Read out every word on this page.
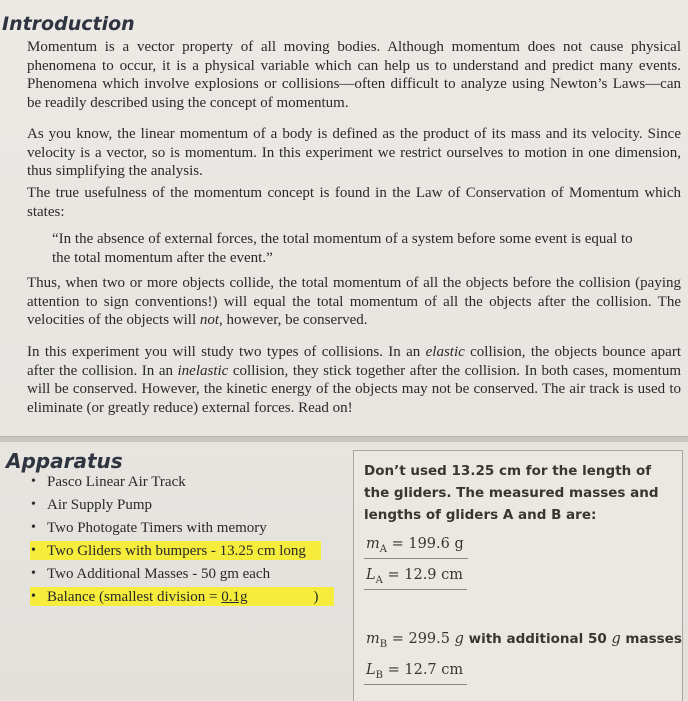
Introduction

Momentum is a vector property of all moving bodies. Although momentum does not cause physical phenomena to occur, it is a physical variable which can help us to understand and predict many events. Phenomena which involve explosions or collisions—often difficult to analyze using Newton’s Laws—can be readily described using the concept of momentum.

As you know, the linear momentum of a body is defined as the product of its mass and its velocity. Since velocity is a vector, so is momentum. In this experiment we restrict ourselves to motion in one dimension, thus simplifying the analysis.

The true usefulness of the momentum concept is found in the Law of Conservation of Momentum which states:

“In the absence of external forces, the total momentum of a system before some event is equal to the total momentum after the event.”

Thus, when two or more objects collide, the total momentum of all the objects before the collision (paying attention to sign conventions!) will equal the total momentum of all the objects after the collision. The velocities of the objects will not, however, be conserved.

In this experiment you will study two types of collisions. In an elastic collision, the objects bounce apart after the collision. In an inelastic collision, they stick together after the collision. In both cases, momentum will be conserved. However, the kinetic energy of the objects may not be conserved. The air track is used to eliminate (or greatly reduce) external forces. Read on!

Apparatus
• Pasco Linear Air Track
• Air Supply Pump
• Two Photogate Timers with memory
• Two Gliders with bumpers - 13.25 cm long
• Two Additional Masses - 50 gm each
• Balance (smallest division = 0.1g	)

Don’t used 13.25 cm for the length of the gliders. The measured masses and lengths of gliders A and B are:

$m_A = 199.6$ g
$L_A = 12.9$ cm
$m_B = 299.5$ g with additional 50 g masses
$L_B = 12.7$ cm
